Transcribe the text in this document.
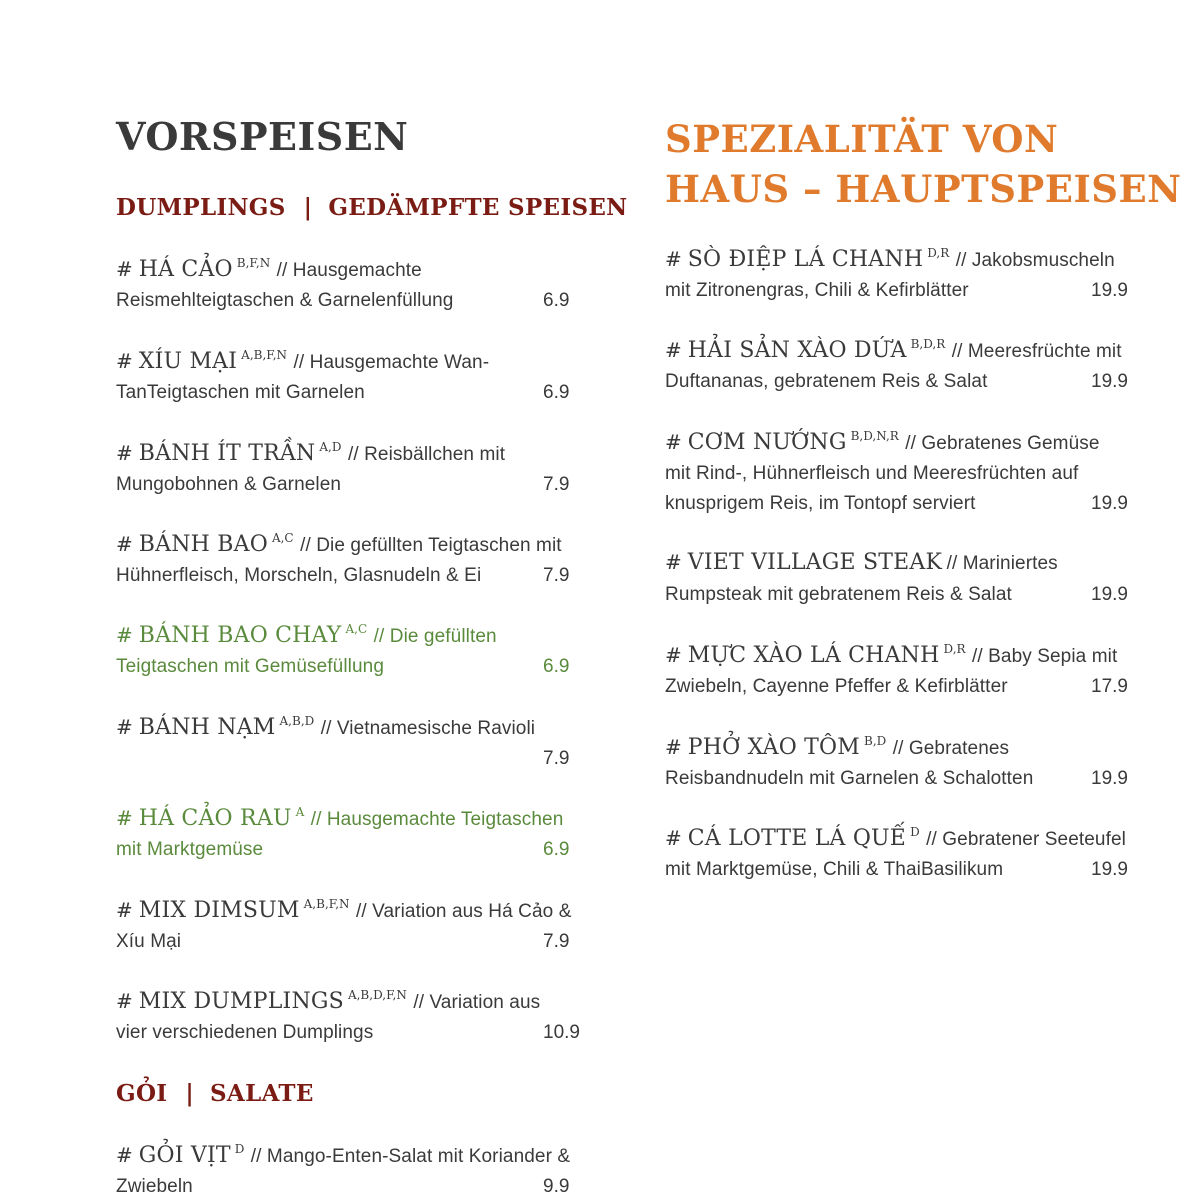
VORSPEISEN
DUMPLINGS | GEDÄMPFTE SPEISEN
# HÁ CẢO $^{B,F,N}$ // Hausgemachte
Reismehlteigtaschen & Garnelenfüllung	6.9
# XÍU MẠI $^{A,B,F,N}$ // Hausgemachte Wan-
TanTeigtaschen mit Garnelen	6.9
# BÁNH ÍT TRẦN $^{A,D}$ // Reisbällchen mit
Mungobohnen & Garnelen	7.9
# BÁNH BAO $^{A,C}$ // Die gefüllten Teigtaschen mit
Hühnerfleisch, Morscheln, Glasnudeln & Ei	7.9
# BÁNH BAO CHAY $^{A,C}$ // Die gefüllten
Teigtaschen mit Gemüsefüllung	6.9
# BÁNH NẠM $^{A,B,D}$ // Vietnamesische Ravioli
7.9
# HÁ CẢO RAU $^A$ // Hausgemachte Teigtaschen
mit Marktgemüse	6.9
# MIX DIMSUM $^{A,B,F,N}$ // Variation aus Há Cảo &
Xíu Mại	7.9
# MIX DUMPLINGS $^{A,B,D,F,N}$ // Variation aus
vier verschiedenen Dumplings	10.9
GỎI | SALATE
# GỎI VỊT $^D$ // Mango-Enten-Salat mit Koriander &
Zwiebeln	9.9
SPEZIALITÄT VON
HAUS – HAUPTSPEISEN
# SÒ ĐIỆP LÁ CHANH $^{D,R}$ // Jakobsmuscheln
mit Zitronengras, Chili & Kefirblätter	19.9
# HẢI SẢN XÀO DỨA $^{B,D,R}$ // Meeresfrüchte mit
Duftananas, gebratenem Reis & Salat	19.9
# CƠM NƯỚNG $^{B,D,N,R}$ // Gebratenes Gemüse
mit Rind-, Hühnerfleisch und Meeresfrüchten auf
knusprigem Reis, im Tontopf serviert	19.9
# VIET VILLAGE STEAK // Mariniertes
Rumpsteak mit gebratenem Reis & Salat	19.9
# MỰC XÀO LÁ CHANH $^{D,R}$ // Baby Sepia mit
Zwiebeln, Cayenne Pfeffer & Kefirblätter	17.9
# PHỞ XÀO TÔM $^{B,D}$ // Gebratenes
Reisbandnudeln mit Garnelen & Schalotten	19.9
# CÁ LOTTE LÁ QUẾ $^D$ // Gebratener Seeteufel
mit Marktgemüse, Chili & ThaiBasilikum	19.9
